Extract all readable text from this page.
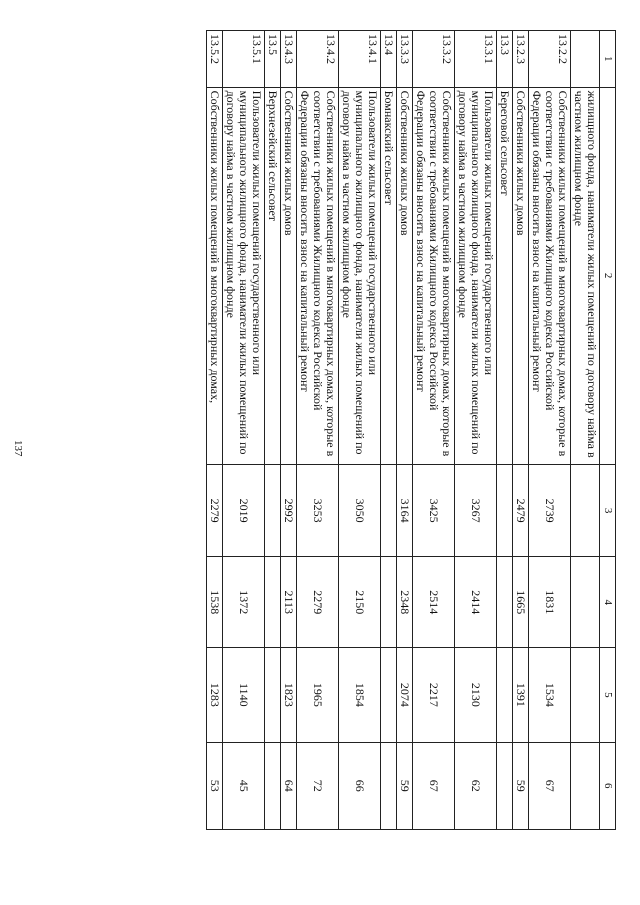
137
1	2	3	4	5	6
	жилищного фонда, наниматели жилых помещений по договору найма в частном жилищном фонде				
13.2.2	Собственники жилых помещений в многоквартирных домах, которые в соответствии с требованиями Жилищного кодекса Российской Федерации обязаны вносить взнос на капитальный ремонт	2739	1831	1534	67
13.2.3	Собственники жилых домов	2479	1665	1391	59
13.3	Береговой сельсовет				
13.3.1	Пользователи жилых помещений государственного или муниципального жилищного фонда, наниматели жилых помещений по договору найма в частном жилищном фонде	3267	2414	2130	62
13.3.2	Собственники жилых помещений в многоквартирных домах, которые в соответствии с требованиями Жилищного кодекса Российской Федерации обязаны вносить взнос на капитальный ремонт	3425	2514	2217	67
13.3.3	Собственники жилых домов	3164	2348	2074	59
13.4	Бомнакский сельсовет				
13.4.1	Пользователи жилых помещений государственного или муниципального жилищного фонда, наниматели жилых помещений по договору найма в частном жилищном фонде	3050	2150	1854	66
13.4.2	Собственники жилых помещений в многоквартирных домах, которые в соответствии с требованиями Жилищного кодекса Российской Федерации обязаны вносить взнос на капитальный ремонт	3253	2279	1965	72
13.4.3	Собственники жилых домов	2992	2113	1823	64
13.5	Верхнезейский сельсовет				
13.5.1	Пользователи жилых помещений государственного или муниципального жилищного фонда, наниматели жилых помещений по договору найма в частном жилищном фонде	2019	1372	1140	45
13.5.2	Собственники жилых помещений в многоквартирных домах,	2279	1538	1283	53
